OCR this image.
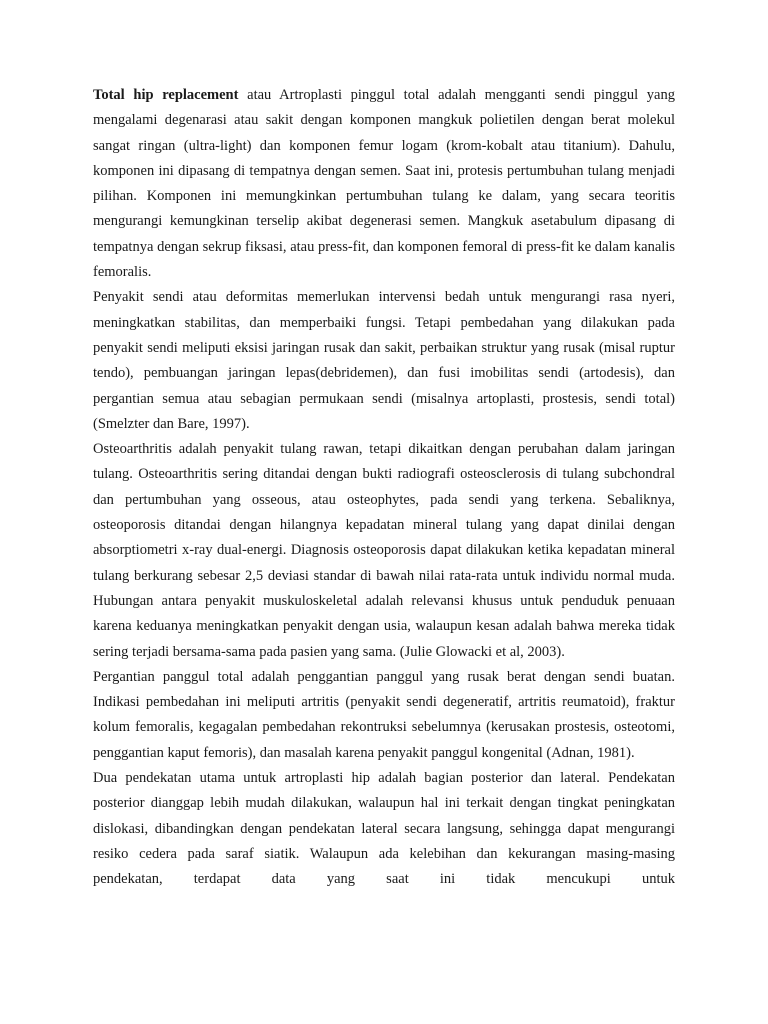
Total hip replacement atau Artroplasti pinggul total adalah mengganti sendi pinggul yang mengalami degenarasi atau sakit dengan komponen mangkuk polietilen dengan berat molekul sangat ringan (ultra-light) dan komponen femur logam (krom-kobalt atau titanium). Dahulu, komponen ini dipasang di tempatnya dengan semen. Saat ini, protesis pertumbuhan tulang menjadi pilihan. Komponen ini memungkinkan pertumbuhan tulang ke dalam, yang secara teoritis mengurangi kemungkinan terselip akibat degenerasi semen. Mangkuk asetabulum dipasang di tempatnya dengan sekrup fiksasi, atau press-fit, dan komponen femoral di press-fit ke dalam kanalis femoralis.

Penyakit sendi atau deformitas memerlukan intervensi bedah untuk mengurangi rasa nyeri, meningkatkan stabilitas, dan memperbaiki fungsi. Tetapi pembedahan yang dilakukan pada penyakit sendi meliputi eksisi jaringan rusak dan sakit, perbaikan struktur yang rusak (misal ruptur tendo), pembuangan jaringan lepas(debridemen), dan fusi imobilitas sendi (artodesis), dan pergantian semua atau sebagian permukaan sendi (misalnya artoplasti, prostesis, sendi total) (Smelzter dan Bare, 1997).

Osteoarthritis adalah penyakit tulang rawan, tetapi dikaitkan dengan perubahan dalam jaringan tulang. Osteoarthritis sering ditandai dengan bukti radiografi osteosclerosis di tulang subchondral dan pertumbuhan yang osseous, atau osteophytes, pada sendi yang terkena. Sebaliknya, osteoporosis ditandai dengan hilangnya kepadatan mineral tulang yang dapat dinilai dengan absorptiometri x-ray dual-energi. Diagnosis osteoporosis dapat dilakukan ketika kepadatan mineral tulang berkurang sebesar 2,5 deviasi standar di bawah nilai rata-rata untuk individu normal muda. Hubungan antara penyakit muskuloskeletal adalah relevansi khusus untuk penduduk penuaan karena keduanya meningkatkan penyakit dengan usia, walaupun kesan adalah bahwa mereka tidak sering terjadi bersama-sama pada pasien yang sama. (Julie Glowacki et al, 2003).

Pergantian panggul total adalah penggantian panggul yang rusak berat dengan sendi buatan. Indikasi pembedahan ini meliputi artritis (penyakit sendi degeneratif, artritis reumatoid), fraktur kolum femoralis, kegagalan pembedahan rekontruksi sebelumnya (kerusakan prostesis, osteotomi, penggantian kaput femoris), dan masalah karena penyakit panggul kongenital (Adnan, 1981).

Dua pendekatan utama untuk artroplasti hip adalah bagian posterior dan lateral. Pendekatan posterior dianggap lebih mudah dilakukan, walaupun hal ini terkait dengan tingkat peningkatan dislokasi, dibandingkan dengan pendekatan lateral secara langsung, sehingga dapat mengurangi resiko cedera pada saraf siatik. Walaupun ada kelebihan dan kekurangan masing-masing pendekatan, terdapat data yang saat ini tidak mencukupi untuk
